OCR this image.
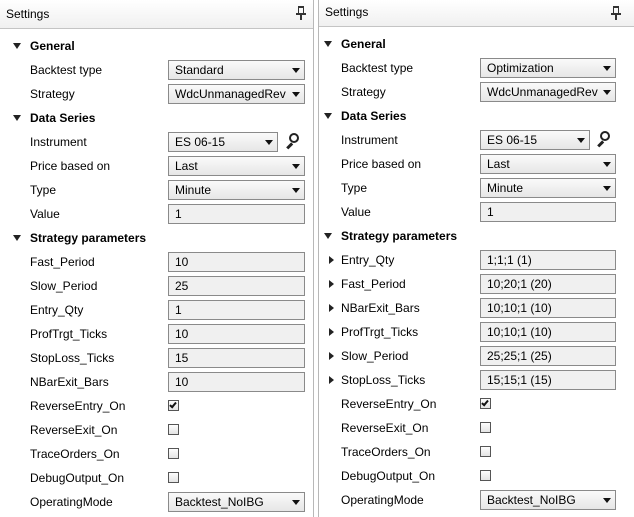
Settings
General
Backtest type	Standard
Strategy	WdcUnmanagedRev
Data Series
Instrument	ES 06-15
Price based on	Last
Type	Minute
Value	1
Strategy parameters
Fast_Period	10
Slow_Period	25
Entry_Qty	1
ProfTrgt_Ticks	10
StopLoss_Ticks	15
NBarExit_Bars	10
ReverseEntry_On
ReverseExit_On
TraceOrders_On
DebugOutput_On
OperatingMode	Backtest_NoIBG
Settings
General
Backtest type	Optimization
Strategy	WdcUnmanagedRev
Data Series
Instrument	ES 06-15
Price based on	Last
Type	Minute
Value	1
Strategy parameters
Entry_Qty	1;1;1 (1)
Fast_Period	10;20;1 (20)
NBarExit_Bars	10;10;1 (10)
ProfTrgt_Ticks	10;10;1 (10)
Slow_Period	25;25;1 (25)
StopLoss_Ticks	15;15;1 (15)
ReverseEntry_On
ReverseExit_On
TraceOrders_On
DebugOutput_On
OperatingMode	Backtest_NoIBG
